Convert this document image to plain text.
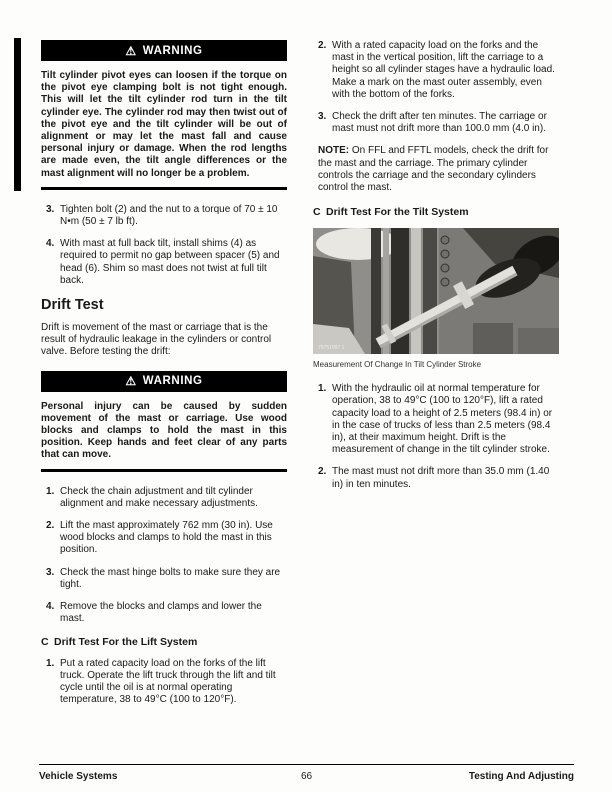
⚠ WARNING

Tilt cylinder pivot eyes can loosen if the torque on the pivot eye clamping bolt is not tight enough. This will let the tilt cylinder rod turn in the tilt cylinder eye. The cylinder rod may then twist out of the pivot eye and the tilt cylinder will be out of alignment or may let the mast fall and cause personal injury or damage. When the rod lengths are made even, the tilt angle differences or the mast alignment will no longer be a problem.

3. Tighten bolt (2) and the nut to a torque of 70 ± 10 N•m (50 ± 7 lb ft).
4. With mast at full back tilt, install shims (4) as required to permit no gap between spacer (5) and head (6). Shim so mast does not twist at full tilt back.
Drift Test

Drift is movement of the mast or carriage that is the result of hydraulic leakage in the cylinders or control valve. Before testing the drift:

⚠ WARNING

Personal injury can be caused by sudden movement of the mast or carriage. Use wood blocks and clamps to hold the mast in this position. Keep hands and feet clear of any parts that can move.

1. Check the chain adjustment and tilt cylinder alignment and make necessary adjustments.
2. Lift the mast approximately 762 mm (30 in). Use wood blocks and clamps to hold the mast in this position.
3. Check the mast hinge bolts to make sure they are tight.
4. Remove the blocks and clamps and lower the mast.
C Drift Test For the Lift System
1. Put a rated capacity load on the forks of the lift truck. Operate the lift truck through the lift and tilt cycle until the oil is at normal operating temperature, 38 to 49°C (100 to 120°F).
2. With a rated capacity load on the forks and the mast in the vertical position, lift the carriage to a height so all cylinder stages have a hydraulic load. Make a mark on the mast outer assembly, even with the bottom of the forks.
3. Check the drift after ten minutes. The carriage or mast must not drift more than 100.0 mm (4.0 in).

NOTE: On FFL and FFTL models, check the drift for the mast and the carriage. The primary cylinder controls the carriage and the secondary cylinders control the mast.

C Drift Test For the Tilt System
79751997 1

Measurement Of Change In Tilt Cylinder Stroke

1. With the hydraulic oil at normal temperature for operation, 38 to 49°C (100 to 120°F), lift a rated capacity load to a height of 2.5 meters (98.4 in) or in the case of trucks of less than 2.5 meters (98.4 in), at their maximum height. Drift is the measurement of change in the tilt cylinder stroke.
2. The mast must not drift more than 35.0 mm (1.40 in) in ten minutes.
Vehicle Systems	66	Testing And Adjusting
